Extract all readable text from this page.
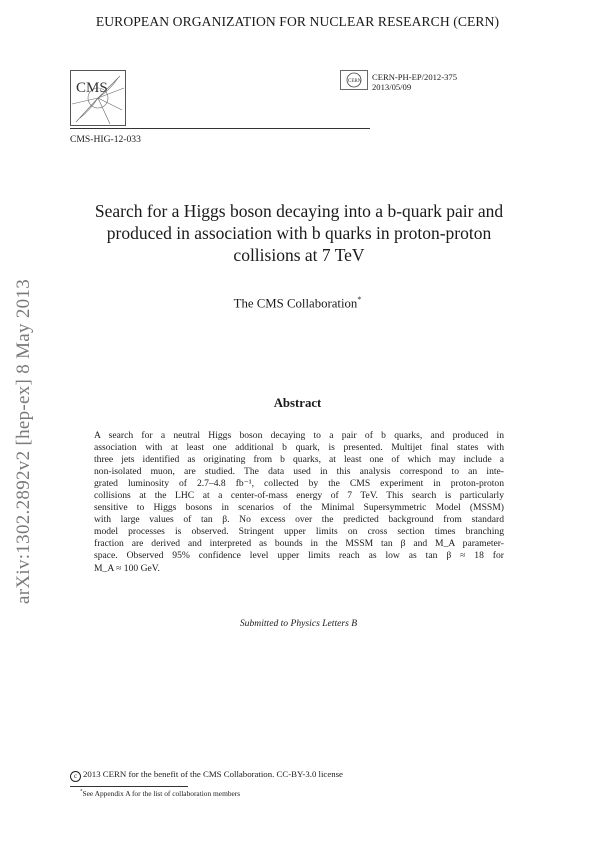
EUROPEAN ORGANIZATION FOR NUCLEAR RESEARCH (CERN)
CMS	CERN CERN-PH-EP/2012-375
2013/05/09
CMS-HIG-12-033
Search for a Higgs boson decaying into a b-quark pair and
produced in association with b quarks in proton-proton
collisions at 7 TeV
The CMS Collaboration*
Abstract
A search for a neutral Higgs boson decaying to a pair of b quarks, and produced in
association with at least one additional b quark, is presented. Multijet final states with
three jets identified as originating from b quarks, at least one of which may include a
non-isolated muon, are studied. The data used in this analysis correspond to an inte-
grated luminosity of 2.7–4.8 fb⁻¹, collected by the CMS experiment in proton-proton
collisions at the LHC at a center-of-mass energy of 7 TeV. This search is particularly
sensitive to Higgs bosons in scenarios of the Minimal Supersymmetric Model (MSSM)
with large values of tan β. No excess over the predicted background from standard
model processes is observed. Stringent upper limits on cross section times branching
fraction are derived and interpreted as bounds in the MSSM tan β and M_A parameter-
space. Observed 95% confidence level upper limits reach as low as tan β ≈ 18 for
M_A ≈ 100 GeV.
Submitted to Physics Letters B
arXiv:1302.2892v2 [hep-ex] 8 May 2013
c 2013 CERN for the benefit of the CMS Collaboration. CC-BY-3.0 license
*See Appendix A for the list of collaboration members
